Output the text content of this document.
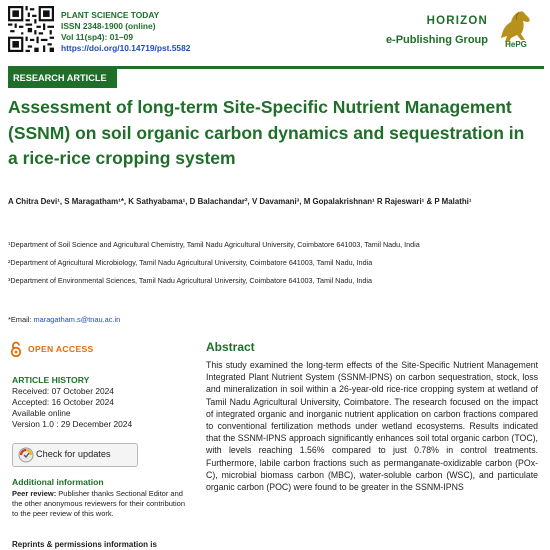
PLANT SCIENCE TODAY
ISSN 2348-1900 (online)
Vol 11(sp4): 01–09
https://doi.org/10.14719/pst.5582
HORIZON
e-Publishing Group	HePG
RESEARCH ARTICLE
Assessment of long-term Site-Specific Nutrient Management (SSNM) on soil organic carbon dynamics and sequestration in a rice-rice cropping system
A Chitra Devi¹, S Maragatham¹*, K Sathyabama¹, D Balachandar², V Davamani³, M Gopalakrishnan¹ R Rajeswari¹ & P Malathi¹
¹Department of Soil Science and Agricultural Chemistry, Tamil Nadu Agricultural University, Coimbatore 641003, Tamil Nadu, India
²Department of Agricultural Microbiology, Tamil Nadu Agricultural University, Coimbatore 641003, Tamil Nadu, India
³Department of Environmental Sciences, Tamil Nadu Agricultural University, Coimbatore 641003, Tamil Nadu, India
*Email: maragatham.s@tnau.ac.in
OPEN ACCESS
ARTICLE HISTORY
Received: 07 October 2024
Accepted: 16 October 2024
Available online
Version 1.0 : 29 December 2024
Check for updates
Additional information
Peer review: Publisher thanks Sectional Editor and the other anonymous reviewers for their contribution to the peer review of this work.
Reprints & permissions information is
Abstract
This study examined the long-term effects of the Site-Specific Nutrient Management Integrated Plant Nutrient System (SSNM-IPNS) on carbon sequestration, stock, loss and mineralization in soil within a 26-year-old rice-rice cropping system at wetland of Tamil Nadu Agricultural University, Coimbatore. The research focused on the impact of integrated organic and inorganic nutrient application on carbon fractions compared to conventional fertilization methods under wetland ecosystems. Results indicated that the SSNM-IPNS approach significantly enhances soil total organic carbon (TOC), with levels reaching 1.56% compared to just 0.78% in control treatments. Furthermore, labile carbon fractions such as permanganate-oxidizable carbon (POx-C), microbial biomass carbon (MBC), water-soluble carbon (WSC), and particulate organic carbon (POC) were found to be greater in the SSNM-IPNS
